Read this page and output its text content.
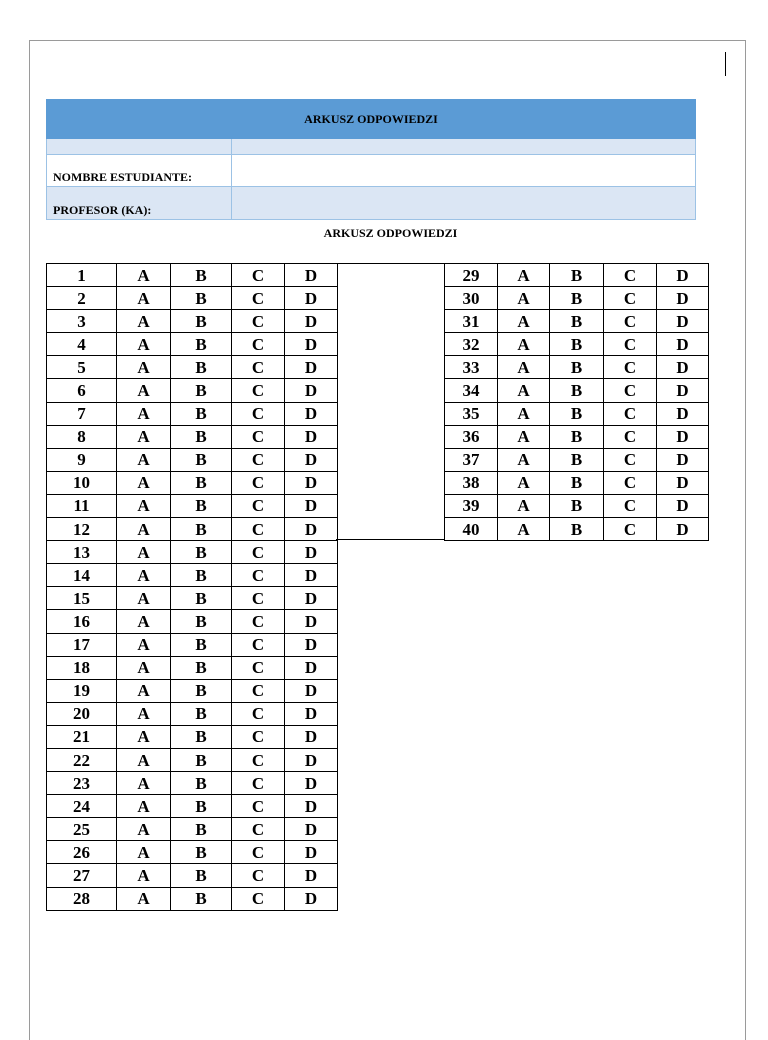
ARKUSZ ODPOWIEDZI	

NOMBRE ESTUDIANTE:	
PROFESOR (KA):	
ARKUSZ ODPOWIEDZI
1	A	B	C	D
2	A	B	C	D
3	A	B	C	D
4	A	B	C	D
5	A	B	C	D
6	A	B	C	D
7	A	B	C	D
8	A	B	C	D
9	A	B	C	D
10	A	B	C	D
11	A	B	C	D
12	A	B	C	D
13	A	B	C	D
14	A	B	C	D
15	A	B	C	D
16	A	B	C	D
17	A	B	C	D
18	A	B	C	D
19	A	B	C	D
20	A	B	C	D
21	A	B	C	D
22	A	B	C	D
23	A	B	C	D
24	A	B	C	D
25	A	B	C	D
26	A	B	C	D
27	A	B	C	D
28	A	B	C	D
29	A	B	C	D
30	A	B	C	D
31	A	B	C	D
32	A	B	C	D
33	A	B	C	D
34	A	B	C	D
35	A	B	C	D
36	A	B	C	D
37	A	B	C	D
38	A	B	C	D
39	A	B	C	D
40	A	B	C	D
